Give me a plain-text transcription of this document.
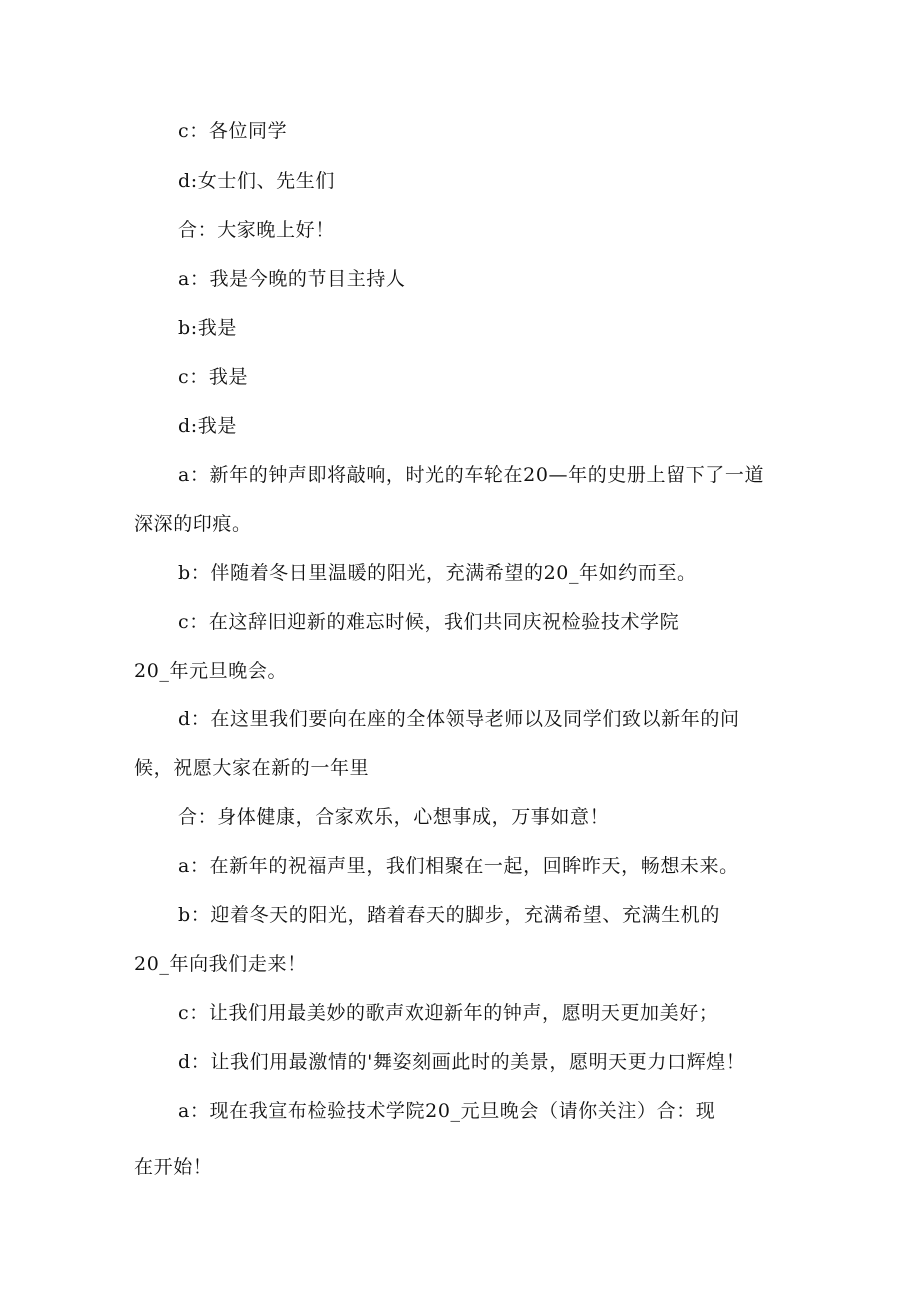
c：各位同学

d:女士们、先生们

合：大家晚上好！

a：我是今晚的节目主持人

b:我是

c：我是

d:我是

a：新年的钟声即将敲响，时光的车轮在20—年的史册上留下了一道

深深的印痕。

b：伴随着冬日里温暖的阳光，充满希望的20_年如约而至。

c：在这辞旧迎新的难忘时候，我们共同庆祝检验技术学院

20_年元旦晚会。

d：在这里我们要向在座的全体领导老师以及同学们致以新年的问

候，祝愿大家在新的一年里

合：身体健康，合家欢乐，心想事成，万事如意！

a：在新年的祝福声里，我们相聚在一起，回眸昨天，畅想未来。

b：迎着冬天的阳光，踏着春天的脚步，充满希望、充满生机的

20_年向我们走来！

c：让我们用最美妙的歌声欢迎新年的钟声，愿明天更加美好；

d：让我们用最激情的'舞姿刻画此时的美景，愿明天更力口辉煌！

a：现在我宣布检验技术学院20_元旦晚会（请你关注）合：现

在开始！
